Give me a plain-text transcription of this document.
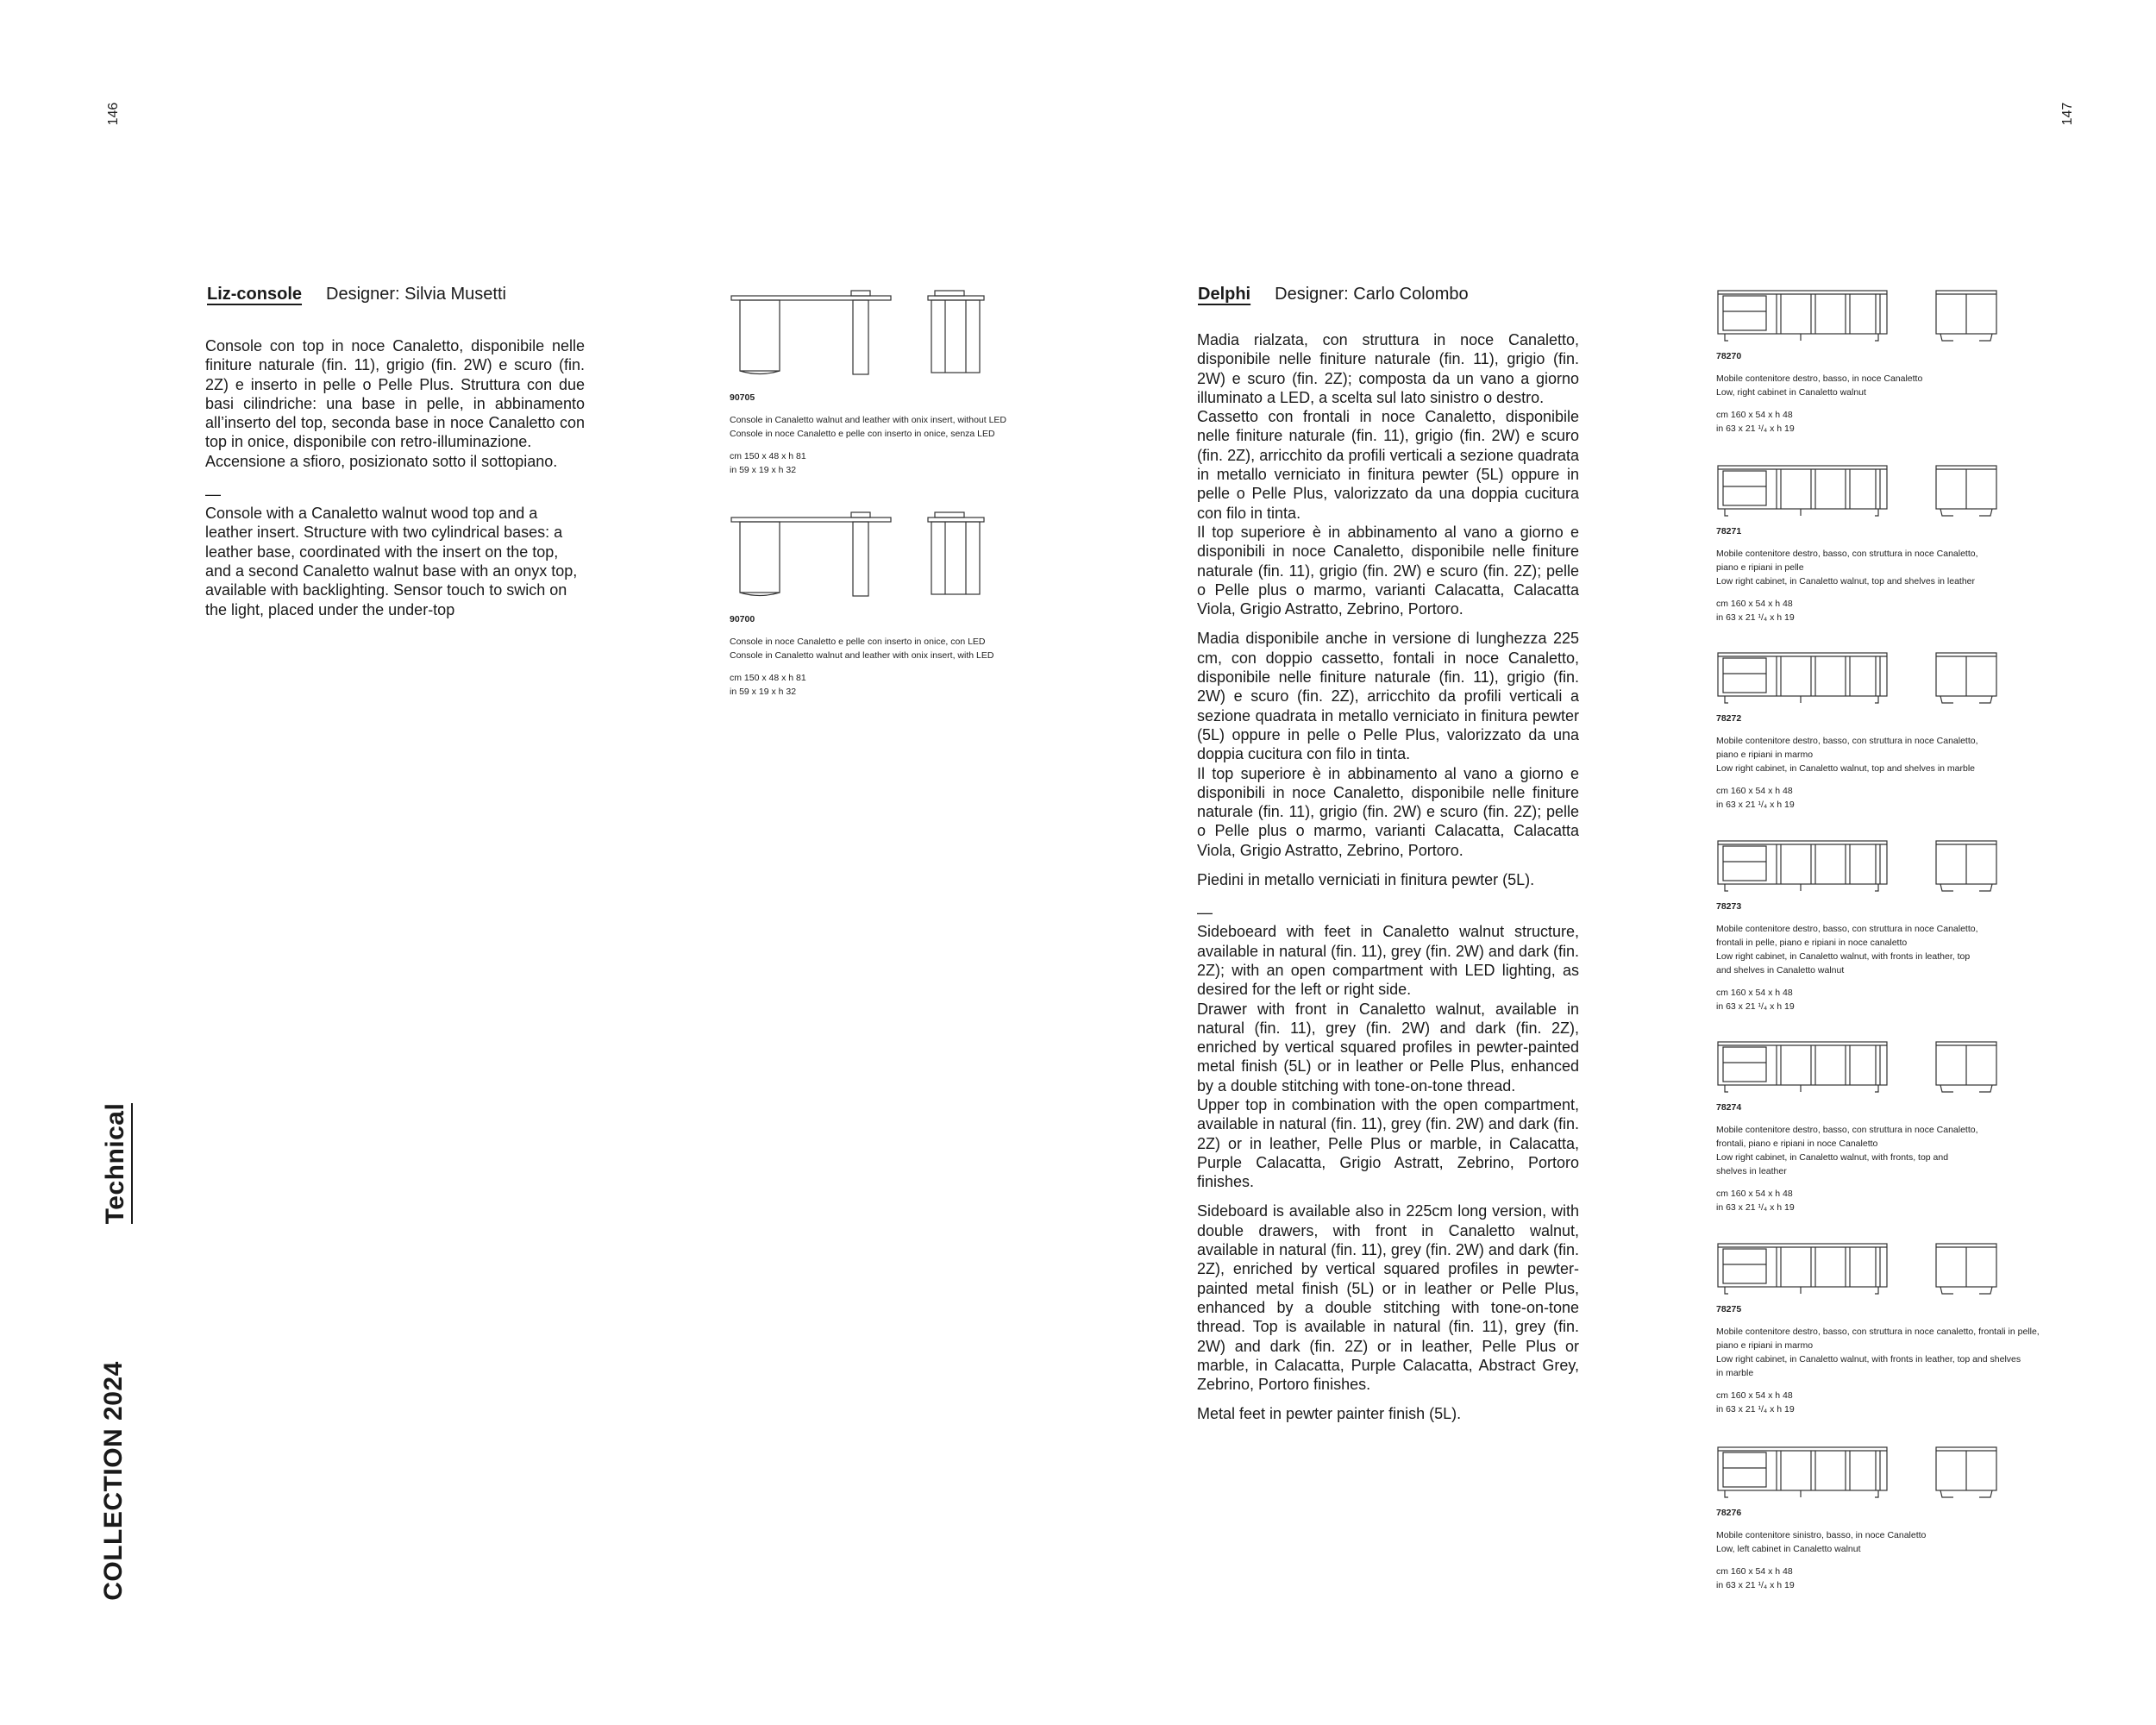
146	147
Technical
COLLECTION 2024
Liz-console Designer: Silvia Musetti

Console con top in noce Canaletto, disponibile nelle finiture naturale (fin. 11), grigio (fin. 2W) e scuro (fin. 2Z) e inserto in pelle o Pelle Plus. Struttura con due basi cilindriche: una base in pelle, in abbinamento all’inserto del top, seconda base in noce Canaletto con top in onice, disponibile con retro-illuminazione.

Accensione a sfioro, posizionato sotto il sottopiano.

—

Console with a Canaletto walnut wood top and a leather insert. Structure with two cylindrical bases: a leather base, coordinated with the insert on the top, and a second Canaletto walnut base with an onyx top, available with backlighting. Sensor touch to swich on the light, placed under the under-top

90705
Console in Canaletto walnut and leather with onix insert, without LED
Console in noce Canaletto e pelle con inserto in onice, senza LED
cm 150 x 48 x h 81
in 59 x 19 x h 32
90700
Console in noce Canaletto e pelle con inserto in onice, con LED
Console in Canaletto walnut and leather with onix insert, with LED
cm 150 x 48 x h 81
in 59 x 19 x h 32
Delphi Designer: Carlo Colombo

Madia rialzata, con struttura in noce Canaletto, disponibile nelle finiture naturale (fin. 11), grigio (fin. 2W) e scuro (fin. 2Z); composta da un vano a giorno illuminato a LED, a scelta sul lato sinistro o destro.

Cassetto con frontali in noce Canaletto, disponibile nelle finiture naturale (fin. 11), grigio (fin. 2W) e scuro (fin. 2Z), arricchito da profili verticali a sezione quadrata in metallo verniciato in finitura pewter (5L) oppure in pelle o Pelle Plus, valorizzato da una doppia cucitura con filo in tinta.

Il top superiore è in abbinamento al vano a giorno e disponibili in noce Canaletto, disponibile nelle finiture naturale (fin. 11), grigio (fin. 2W) e scuro (fin. 2Z); pelle o Pelle plus o marmo, varianti Calacatta, Calacatta Viola, Grigio Astratto, Zebrino, Portoro.

Madia disponibile anche in versione di lunghezza 225 cm, con doppio cassetto, fontali in noce Canaletto, disponibile nelle finiture naturale (fin. 11), grigio (fin. 2W) e scuro (fin. 2Z), arricchito da profili verticali a sezione quadrata in metallo verniciato in finitura pewter (5L) oppure in pelle o Pelle Plus, valorizzato da una doppia cucitura con filo in tinta.

Il top superiore è in abbinamento al vano a giorno e disponibili in noce Canaletto, disponibile nelle finiture naturale (fin. 11), grigio (fin. 2W) e scuro (fin. 2Z); pelle o Pelle plus o marmo, varianti Calacatta, Calacatta Viola, Grigio Astratto, Zebrino, Portoro.

Piedini in metallo verniciati in finitura pewter (5L).

—

Sideboeard with feet in Canaletto walnut structure, available in natural (fin. 11), grey (fin. 2W) and dark (fin. 2Z); with an open compartment with LED lighting, as desired for the left or right side.

Drawer with front in Canaletto walnut, available in natural (fin. 11), grey (fin. 2W) and dark (fin. 2Z), enriched by vertical squared profiles in pewter-painted metal finish (5L) or in leather or Pelle Plus, enhanced by a double stitching with tone-on-tone thread.

Upper top in combination with the open compartment, available in natural (fin. 11), grey (fin. 2W) and dark (fin. 2Z) or in leather, Pelle Plus or marble, in Calacatta, Purple Calacatta, Grigio Astratt, Zebrino, Portoro finishes.

Sideboard is available also in 225cm long version, with double drawers, with front in Canaletto walnut, available in natural (fin. 11), grey (fin. 2W) and dark (fin. 2Z), enriched by vertical squared profiles in pewter-painted metal finish (5L) or in leather or Pelle Plus, enhanced by a double stitching with tone-on-tone thread. Top is available in natural (fin. 11), grey (fin. 2W) and dark (fin. 2Z) or in leather, Pelle Plus or marble, in Calacatta, Purple Calacatta, Abstract Grey, Zebrino, Portoro finishes.

Metal feet in pewter painter finish (5L).

78270
Mobile contenitore destro, basso, in noce Canaletto
Low, right cabinet in Canaletto walnut
cm 160 x 54 x h 48
in 63 x 21 ¹/₄ x h 19
78271
Mobile contenitore destro, basso, con struttura in noce Canaletto,
piano e ripiani in pelle
Low right cabinet, in Canaletto walnut, top and shelves in leather
cm 160 x 54 x h 48
in 63 x 21 ¹/₄ x h 19
78272
Mobile contenitore destro, basso, con struttura in noce Canaletto,
piano e ripiani in marmo
Low right cabinet, in Canaletto walnut, top and shelves in marble
cm 160 x 54 x h 48
in 63 x 21 ¹/₄ x h 19
78273
Mobile contenitore destro, basso, con struttura in noce Canaletto,
frontali in pelle, piano e ripiani in noce canaletto
Low right cabinet, in Canaletto walnut, with fronts in leather, top
and shelves in Canaletto walnut
cm 160 x 54 x h 48
in 63 x 21 ¹/₄ x h 19
78274
Mobile contenitore destro, basso, con struttura in noce Canaletto,
frontali, piano e ripiani in noce Canaletto
Low right cabinet, in Canaletto walnut, with fronts, top and
shelves in leather
cm 160 x 54 x h 48
in 63 x 21 ¹/₄ x h 19
78275
Mobile contenitore destro, basso, con struttura in noce canaletto, frontali in pelle,
piano e ripiani in marmo
Low right cabinet, in Canaletto walnut, with fronts in leather, top and shelves
in marble
cm 160 x 54 x h 48
in 63 x 21 ¹/₄ x h 19
78276
Mobile contenitore sinistro, basso, in noce Canaletto
Low, left cabinet in Canaletto walnut
cm 160 x 54 x h 48
in 63 x 21 ¹/₄ x h 19
